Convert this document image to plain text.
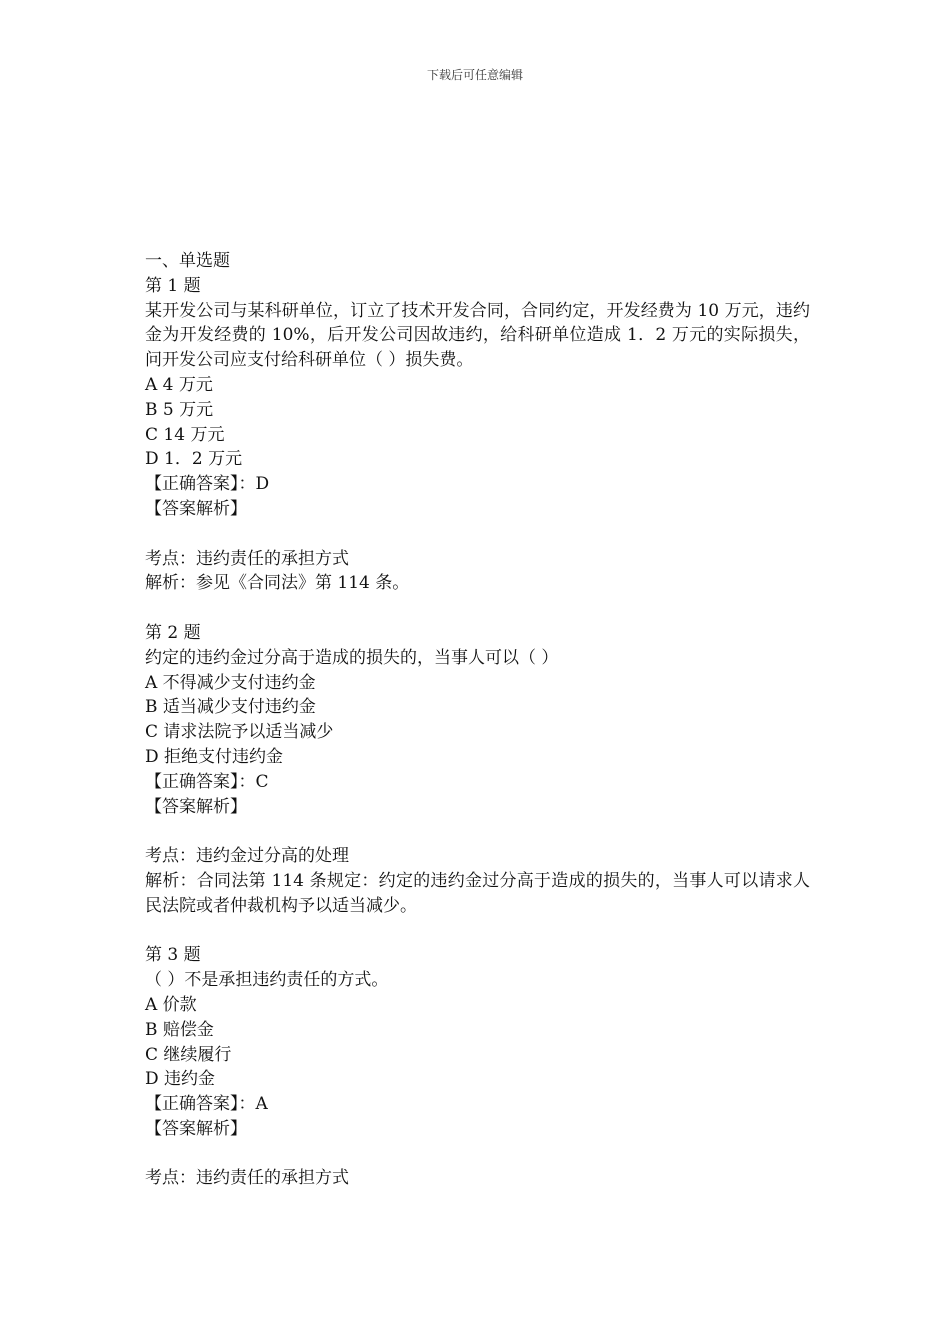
下载后可任意编辑

一、单选题

第 1 题

某开发公司与某科研单位，订立了技术开发合同，合同约定，开发经费为 10 万元，违约金为开发经费的 10%，后开发公司因故违约，给科研单位造成 1．2 万元的实际损失，问开发公司应支付给科研单位（ ）损失费。

A 4 万元

B 5 万元

C 14 万元

D 1．2 万元

【正确答案】：D

【答案解析】

考点：违约责任的承担方式

解析：参见《合同法》第 114 条。

第 2 题

约定的违约金过分高于造成的损失的，当事人可以（ ）

A 不得减少支付违约金

B 适当减少支付违约金

C 请求法院予以适当减少

D 拒绝支付违约金

【正确答案】：C

【答案解析】

考点：违约金过分高的处理

解析：合同法第 114 条规定：约定的违约金过分高于造成的损失的，当事人可以请求人民法院或者仲裁机构予以适当减少。

第 3 题

（ ）不是承担违约责任的方式。

A 价款

B 赔偿金

C 继续履行

D 违约金

【正确答案】：A

【答案解析】

考点：违约责任的承担方式
